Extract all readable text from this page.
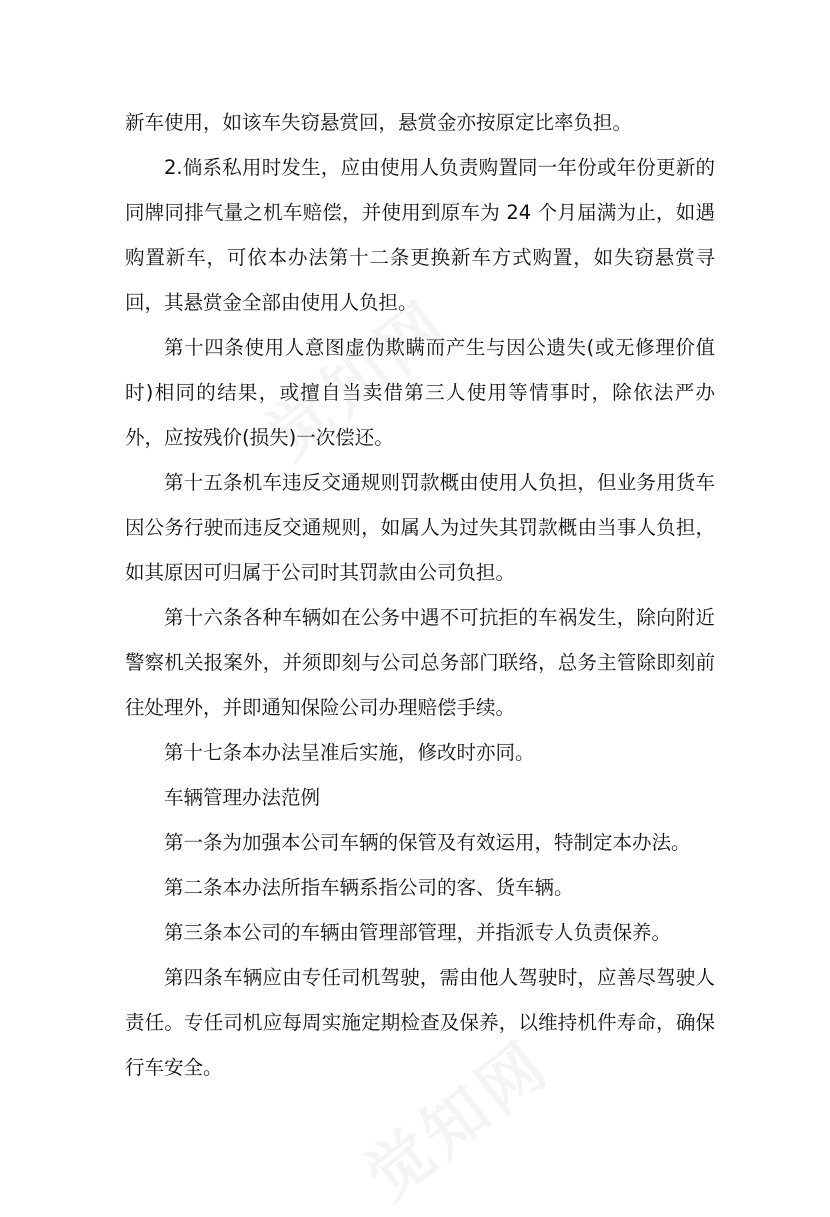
新车使用，如该车失窃悬赏回，悬赏金亦按原定比率负担。

2.倘系私用时发生，应由使用人负责购置同一年份或年份更新的同牌同排气量之机车赔偿，并使用到原车为 24 个月届满为止，如遇购置新车，可依本办法第十二条更换新车方式购置，如失窃悬赏寻回，其悬赏金全部由使用人负担。

第十四条使用人意图虚伪欺瞒而产生与因公遗失(或无修理价值时)相同的结果，或擅自当卖借第三人使用等情事时，除依法严办外，应按残价(损失)一次偿还。

第十五条机车违反交通规则罚款概由使用人负担，但业务用货车因公务行驶而违反交通规则，如属人为过失其罚款概由当事人负担，如其原因可归属于公司时其罚款由公司负担。

第十六条各种车辆如在公务中遇不可抗拒的车祸发生，除向附近警察机关报案外，并须即刻与公司总务部门联络，总务主管除即刻前往处理外，并即通知保险公司办理赔偿手续。

第十七条本办法呈准后实施，修改时亦同。

车辆管理办法范例

第一条为加强本公司车辆的保管及有效运用，特制定本办法。

第二条本办法所指车辆系指公司的客、货车辆。

第三条本公司的车辆由管理部管理，并指派专人负责保养。

第四条车辆应由专任司机驾驶，需由他人驾驶时，应善尽驾驶人责任。专任司机应每周实施定期检查及保养，以维持机件寿命，确保行车安全。
